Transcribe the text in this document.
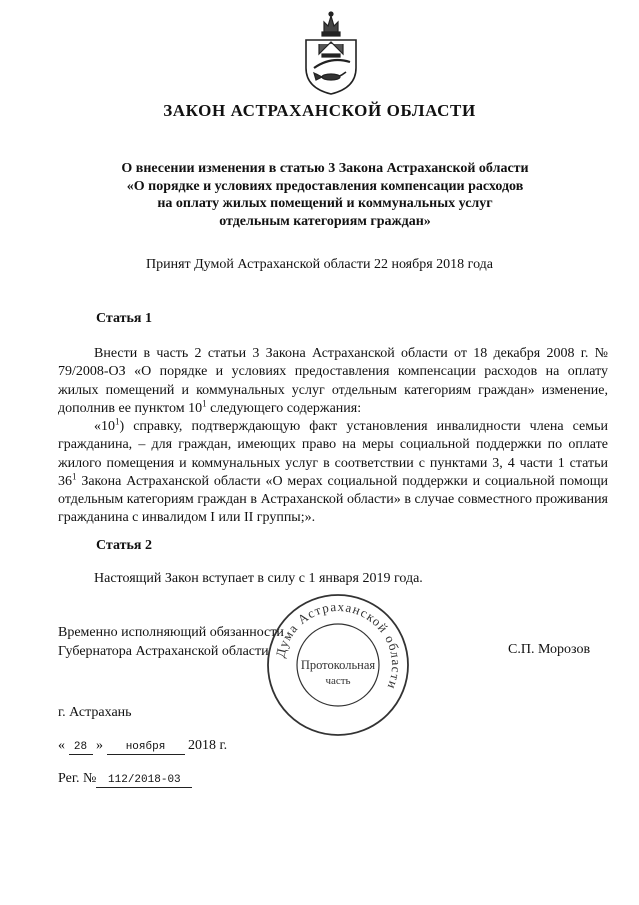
ЗАКОН АСТРАХАНСКОЙ ОБЛАСТИ
О внесении изменения в статью 3 Закона Астраханской области
«О порядке и условиях предоставления компенсации расходов
на оплату жилых помещений и коммунальных услуг
отдельным категориям граждан»
Принят Думой Астраханской области 22 ноября 2018 года
Статья 1

Внести в часть 2 статьи 3 Закона Астраханской области от 18 декабря 2008 г. № 79/2008-ОЗ «О порядке и условиях предоставления компенсации расходов на оплату жилых помещений и коммунальных услуг отдельным категориям граждан» изменение, дополнив ее пунктом $10^1$ следующего содержания:

«$10^1$) справку, подтверждающую факт установления инвалидности члена семьи гражданина, – для граждан, имеющих право на меры социальной поддержки по оплате жилого помещения и коммунальных услуг в соответствии с пунктами 3, 4 части 1 статьи $36^1$ Закона Астраханской области «О мерах социальной поддержки и социальной помощи отдельным категориям граждан в Астраханской области» в случае совместного проживания гражданина с инвалидом I или II группы;».

Статья 2

Настоящий Закон вступает в силу с 1 января 2019 года.

Временно исполняющий обязанности
Губернатора Астраханской области	С.П. Морозов
Дума Астраханской области
Протокольная
часть
г. Астрахань
« 28 » ноября 2018 г.
Рег. № 112/2018-03
